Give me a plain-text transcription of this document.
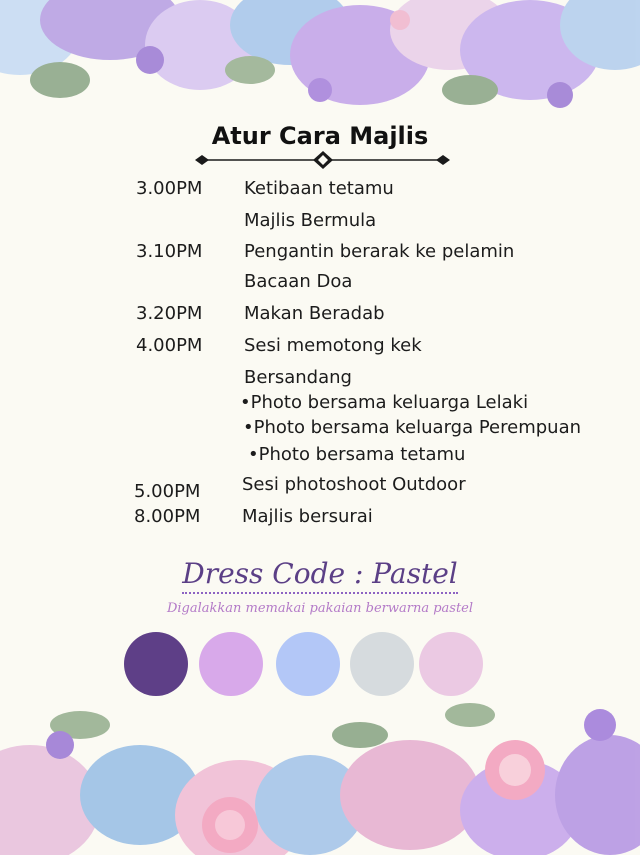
Atur Cara Majlis
3.00PM Ketibaan tetamu
Majlis Bermula
3.10PM Pengantin berarak ke pelamin
Bacaan Doa
3.20PM Makan Beradab
4.00PM Sesi memotong kek
Bersandang
•Photo bersama keluarga Lelaki
•Photo bersama keluarga Perempuan
•Photo bersama tetamu
5.00PM Sesi photoshoot Outdoor
8.00PM Majlis bersurai
Dress Code : Pastel
Digalakkan memakai pakaian berwarna pastel
